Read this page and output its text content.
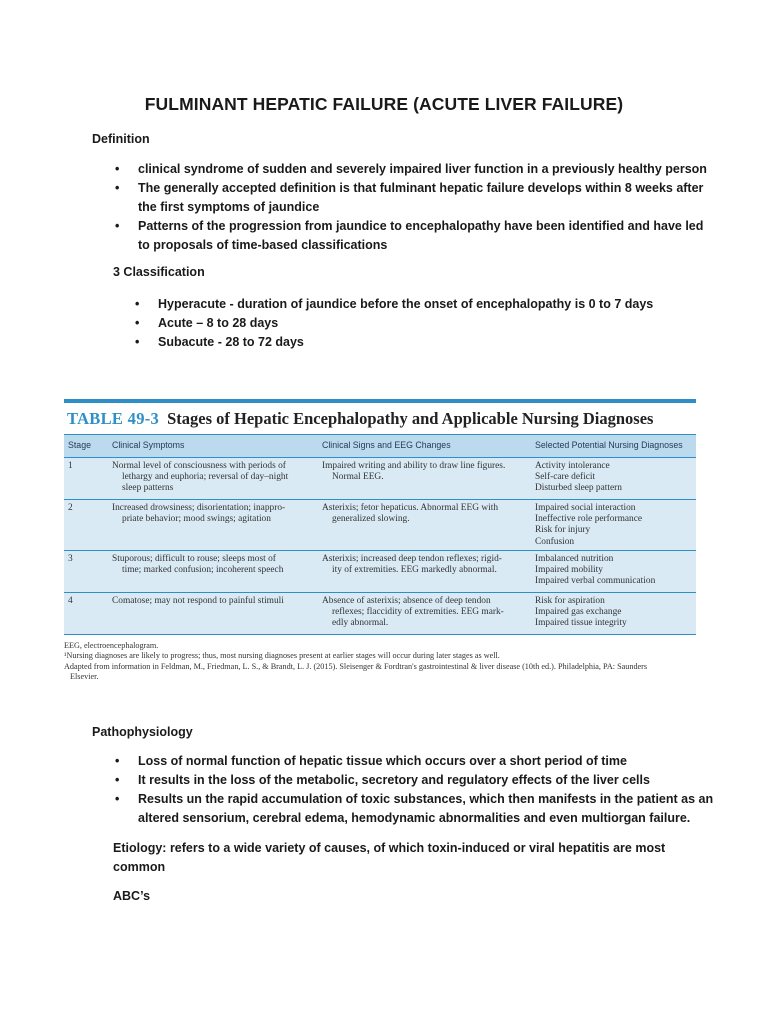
FULMINANT HEPATIC FAILURE (ACUTE LIVER FAILURE)
Definition
• clinical syndrome of sudden and severely impaired liver function in a previously healthy person
• The generally accepted definition is that fulminant hepatic failure develops within 8 weeks after
the first symptoms of jaundice
• Patterns of the progression from jaundice to encephalopathy have been identified and have led
to proposals of time-based classifications
3 Classification
• Hyperacute - duration of jaundice before the onset of encephalopathy is 0 to 7 days
• Acute – 8 to 28 days
• Subacute - 28 to 72 days
TABLE 49-3 Stages of Hepatic Encephalopathy and Applicable Nursing Diagnoses
Stage	Clinical Symptoms	Clinical Signs and EEG Changes	Selected Potential Nursing Diagnoses
1	Normal level of consciousness with periods of
lethargy and euphoria; reversal of day–night
sleep patterns	Impaired writing and ability to draw line figures.
Normal EEG.	Activity intolerance
Self-care deficit
Disturbed sleep pattern

2	Increased drowsiness; disorientation; inappro-
priate behavior; mood swings; agitation	Asterixis; fetor hepaticus. Abnormal EEG with
generalized slowing.	Impaired social interaction
Ineffective role performance
Risk for injury
Confusion

3	Stuporous; difficult to rouse; sleeps most of
time; marked confusion; incoherent speech	Asterixis; increased deep tendon reflexes; rigid-
ity of extremities. EEG markedly abnormal.	Imbalanced nutrition
Impaired mobility
Impaired verbal communication

4	Comatose; may not respond to painful stimuli	Absence of asterixis; absence of deep tendon
reflexes; flaccidity of extremities. EEG mark-
edly abnormal.	Risk for aspiration
Impaired gas exchange
Impaired tissue integrity
EEG, electroencephalogram.
¹Nursing diagnoses are likely to progress; thus, most nursing diagnoses present at earlier stages will occur during later stages as well.
Adapted from information in Feldman, M., Friedman, L. S., & Brandt, L. J. (2015). Sleisenger & Fordtran's gastrointestinal & liver disease (10th ed.). Philadelphia, PA: Saunders
Elsevier.
Pathophysiology
• Loss of normal function of hepatic tissue which occurs over a short period of time
• It results in the loss of the metabolic, secretory and regulatory effects of the liver cells
• Results un the rapid accumulation of toxic substances, which then manifests in the patient as an
altered sensorium, cerebral edema, hemodynamic abnormalities and even multiorgan failure.
Etiology: refers to a wide variety of causes, of which toxin-induced or viral hepatitis are most
common
ABC’s
